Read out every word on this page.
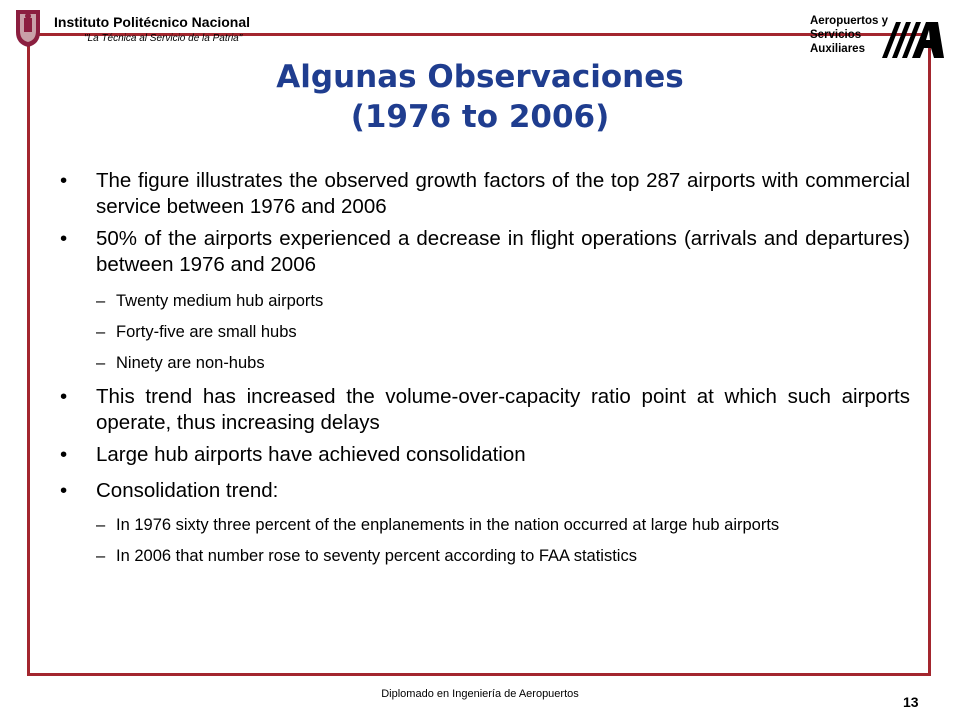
Instituto Politécnico Nacional
"La Técnica al Servicio de la Patria"
Aeropuertos y
Servicios
Auxiliares
Algunas Observaciones
(1976 to 2006)
• The figure illustrates the observed growth factors of the top 287 airports with commercial service between 1976 and 2006
• 50% of the airports experienced a decrease in flight operations (arrivals and departures) between 1976 and 2006
– Twenty medium hub airports
– Forty-five are small hubs
– Ninety are non-hubs
• This trend has increased the volume-over-capacity ratio point at which such airports operate, thus increasing delays
• Large hub airports have achieved consolidation
• Consolidation trend:
– In 1976 sixty three percent of the enplanements in the nation occurred at large hub airports
– In 2006 that number rose to seventy percent according to FAA statistics
Diplomado en Ingeniería de Aeropuertos	13
